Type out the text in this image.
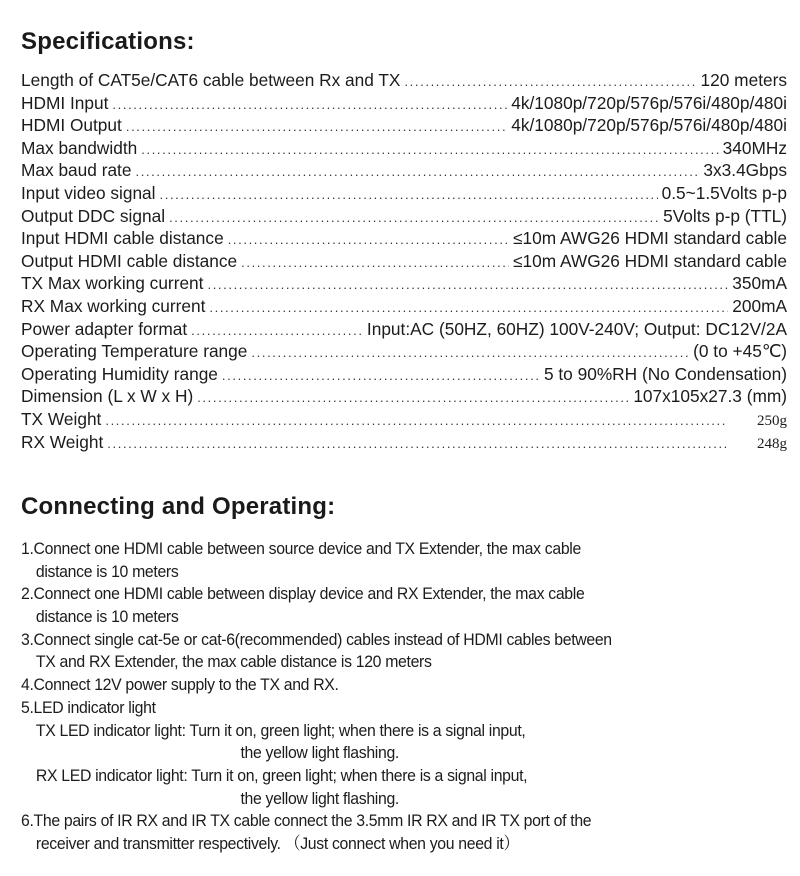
Specifications:
Length of CAT5e/CAT6 cable between Rx and TX . . .	120 meters
HDMI Input . . .	4k/1080p/720p/576p/576i/480p/480i
HDMI Output . . .	4k/1080p/720p/576p/576i/480p/480i
Max bandwidth . . .	340MHz
Max baud rate . . .	3x3.4Gbps
Input video signal . . .	0.5~1.5Volts p-p
Output DDC signal . . .	5Volts p-p (TTL)
Input HDMI cable distance . . .	≤10m AWG26 HDMI standard cable
Output HDMI cable distance . . .	≤10m AWG26 HDMI standard cable
TX Max working current . . .	350mA
RX Max working current . . .	200mA
Power adapter format . . .	Input:AC (50HZ, 60HZ) 100V-240V; Output: DC12V/2A
Operating Temperature range . . .	(0 to +45℃)
Operating Humidity range . . .	5 to 90%RH (No Condensation)
Dimension (L x W x H) . . .	107x105x27.3 (mm)
TX Weight . . .	250g
RX Weight . . .	248g
Connecting and Operating:
1.Connect one HDMI cable between source device and TX Extender, the max cable
distance is 10 meters
2.Connect one HDMI cable between display device and RX Extender, the max cable
distance is 10 meters
3.Connect single cat-5e or cat-6(recommended) cables instead of HDMI cables between
TX and RX Extender, the max cable distance is 120 meters
4.Connect 12V power supply to the TX and RX.
5.LED indicator light
TX LED indicator light: Turn it on, green light; when there is a signal input,
the yellow light flashing.
RX LED indicator light: Turn it on, green light; when there is a signal input,
the yellow light flashing.
6.The pairs of IR RX and IR TX cable connect the 3.5mm IR RX and IR TX port of the
receiver and transmitter respectively. （Just connect when you need it）
